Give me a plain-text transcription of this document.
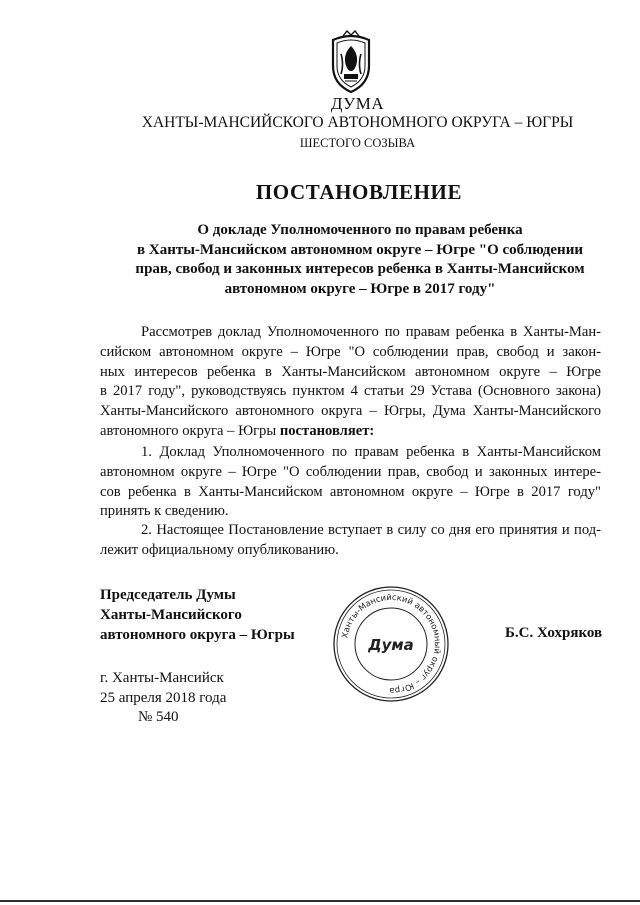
ДУМА

ХАНТЫ-МАНСИЙСКОГО АВТОНОМНОГО ОКРУГА – ЮГРЫ

ШЕСТОГО СОЗЫВА

ПОСТАНОВЛЕНИЕ
О докладе Уполномоченного по правам ребенка
в Ханты-Мансийском автономном округе – Югре "О соблюдении
прав, свобод и законных интересов ребенка в Ханты-Мансийском
автономном округе – Югре в 2017 году"
Рассмотрев доклад Уполномоченного по правам ребенка в Ханты-Ман-
сийском автономном округе – Югре "О соблюдении прав, свобод и закон-
ных интересов ребенка в Ханты-Мансийском автономном округе – Югре
в 2017 году", руководствуясь пунктом 4 статьи 29 Устава (Основного закона)
Ханты-Мансийского автономного округа – Югры, Дума Ханты-Мансийского
автономного округа – Югры постановляет:
1. Доклад Уполномоченного по правам ребенка в Ханты-Мансийском
автономном округе – Югре "О соблюдении прав, свобод и законных интере-
сов ребенка в Ханты-Мансийском автономном округе – Югре в 2017 году"
принять к сведению.
2. Настоящее Постановление вступает в силу со дня его принятия и под-
лежит официальному опубликованию.
Председатель Думы
Ханты-Мансийского
автономного округа – Югры	Ханты-Мансийский автономный округ – Югра
Дума

Б.С. Хохряков

г. Ханты-Мансийск
25 апреля 2018 года
№ 540
